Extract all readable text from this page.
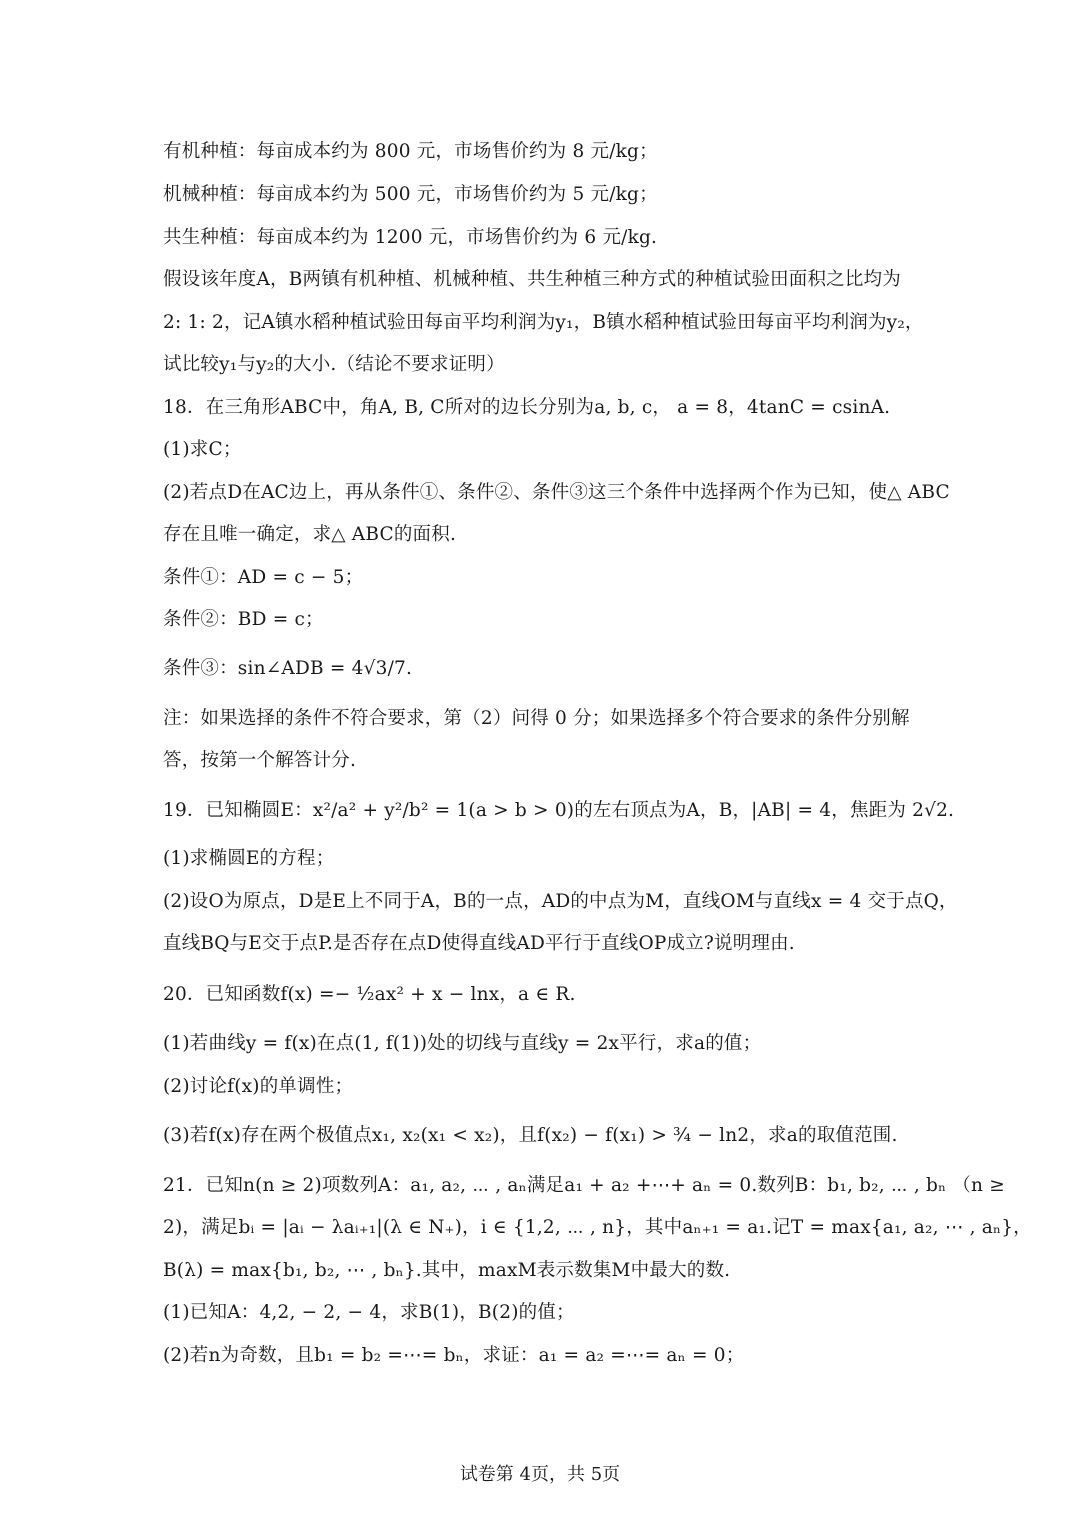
有机种植：每亩成本约为 800 元，市场售价约为 8 元/kg；
机械种植：每亩成本约为 500 元，市场售价约为 5 元/kg；
共生种植：每亩成本约为 1200 元，市场售价约为 6 元/kg.
假设该年度A，B两镇有机种植、机械种植、共生种植三种方式的种植试验田面积之比均为
2: 1: 2，记A镇水稻种植试验田每亩平均利润为y₁，B镇水稻种植试验田每亩平均利润为y₂，
试比较y₁与y₂的大小.（结论不要求证明）
18．在三角形ABC中，角A, B, C所对的边长分别为a, b, c， a = 8，4tanC = csinA.
(1)求C；
(2)若点D在AC边上，再从条件①、条件②、条件③这三个条件中选择两个作为已知，使△ ABC
存在且唯一确定，求△ ABC的面积.
条件①：AD = c − 5；
条件②：BD = c；
条件③：sin∠ADB = 4√3/7.
注：如果选择的条件不符合要求，第（2）问得 0 分；如果选择多个符合要求的条件分别解
答，按第一个解答计分.
19．已知椭圆E：x²/a² + y²/b² = 1(a > b > 0)的左右顶点为A，B，|AB| = 4，焦距为 2√2.
(1)求椭圆E的方程；
(2)设O为原点，D是E上不同于A，B的一点，AD的中点为M，直线OM与直线x = 4 交于点Q，
直线BQ与E交于点P.是否存在点D使得直线AD平行于直线OP成立?说明理由.
20．已知函数f(x) =− ½ax² + x − lnx，a ∈ R.
(1)若曲线y = f(x)在点(1, f(1))处的切线与直线y = 2x平行，求a的值；
(2)讨论f(x)的单调性；
(3)若f(x)存在两个极值点x₁, x₂(x₁ < x₂)，且f(x₂) − f(x₁) > ¾ − ln2，求a的取值范围.
21．已知n(n ≥ 2)项数列A：a₁, a₂, ⋯ , aₙ满足a₁ + a₂ +⋯+ aₙ = 0.数列B：b₁, b₂, ⋯ , bₙ （n ≥
2)，满足bᵢ = |aᵢ − λaᵢ₊₁|(λ ∈ N₊)，i ∈ {1,2, ⋯ , n}，其中aₙ₊₁ = a₁.记T = max{a₁, a₂, ⋯ , aₙ}，
B(λ) = max{b₁, b₂, ⋯ , bₙ}.其中，maxM表示数集M中最大的数.
(1)已知A：4,2, − 2, − 4，求B(1)，B(2)的值；
(2)若n为奇数，且b₁ = b₂ =⋯= bₙ，求证：a₁ = a₂ =⋯= aₙ = 0；
试卷第 4页，共 5页
